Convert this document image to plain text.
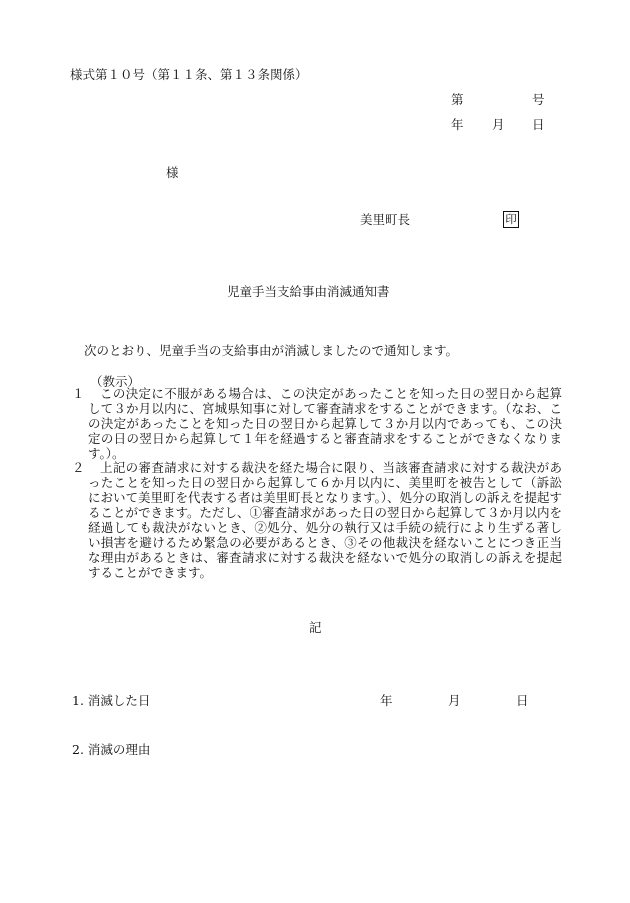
様式第１０号（第１１条、第１３条関係）
第	号
年 月 日
様
美里町長	印
児童手当支給事由消滅通知書
次のとおり、児童手当の支給事由が消滅しましたので通知します。
（教示）
１	この決定に不服がある場合は、この決定があったことを知った日の翌日から起算して３か月以内に、宮城県知事に対して審査請求をすることができます。（なお、この決定があったことを知った日の翌日から起算して３か月以内であっても、この決定の日の翌日から起算して１年を経過すると審査請求をすることができなくなります。）。
２	上記の審査請求に対する裁決を経た場合に限り、当該審査請求に対する裁決があったことを知った日の翌日から起算して６か月以内に、美里町を被告として（訴訟において美里町を代表する者は美里町長となります。）、処分の取消しの訴えを提起することができます。ただし、①審査請求があった日の翌日から起算して３か月以内を経過しても裁決がないとき、②処分、処分の執行又は手続の続行により生ずる著しい損害を避けるため緊急の必要があるとき、③その他裁決を経ないことにつき正当な理由があるときは、審査請求に対する裁決を経ないで処分の取消しの訴えを提起することができます。
記
1. 消滅した日	年	月	日
2. 消滅の理由
